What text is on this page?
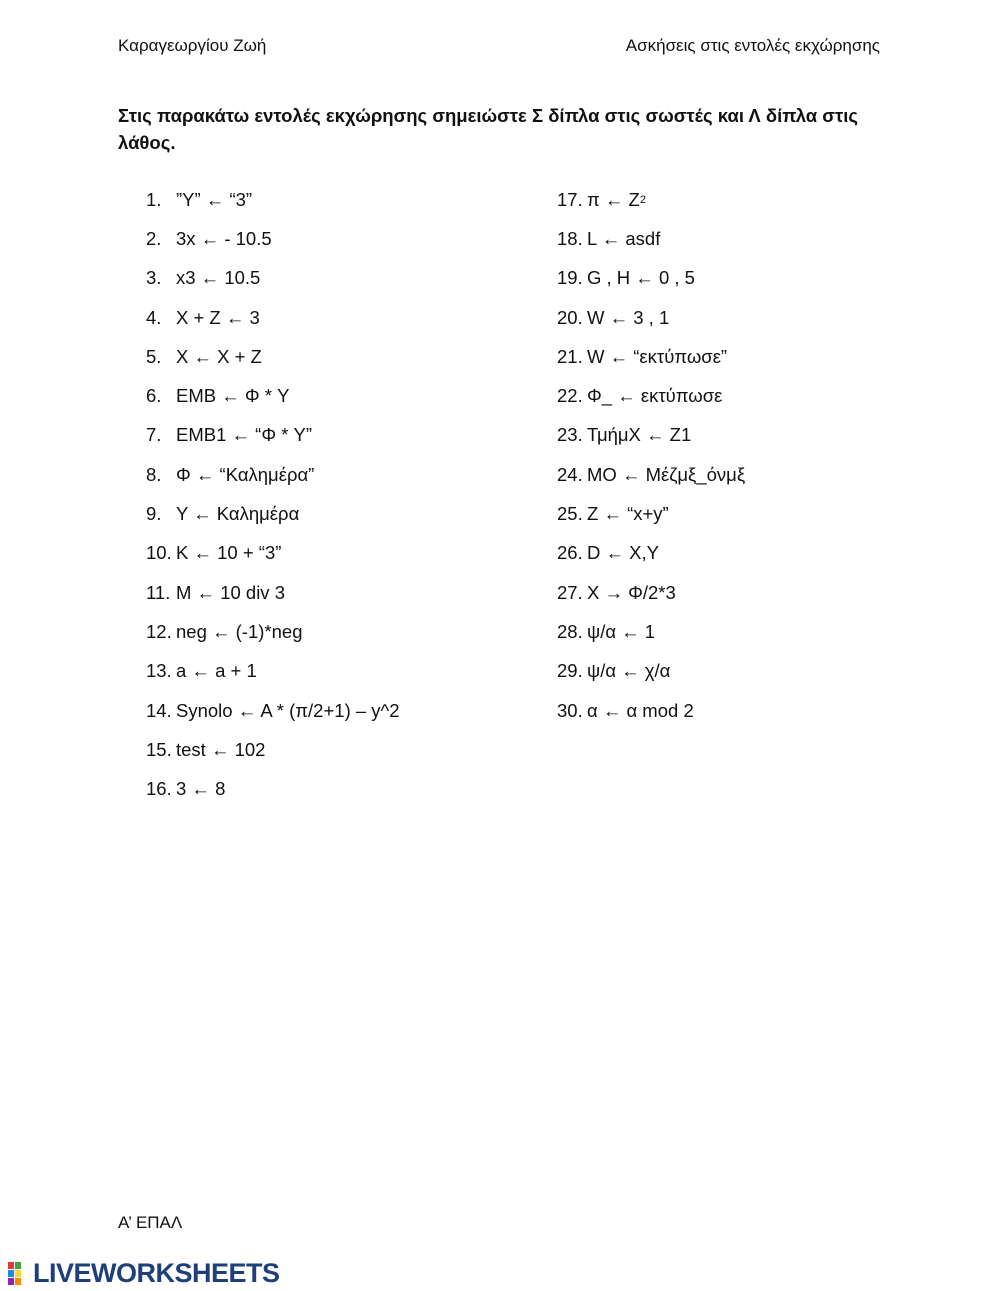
Καραγεωργίου Ζωή	Ασκήσεις στις εντολές εκχώρησης
Στις παρακάτω εντολές εκχώρησης σημειώστε Σ δίπλα στις σωστές και Λ δίπλα στις λάθος.
1. ”Y” ← “3”
2. 3x ← - 10.5
3. x3 ← 10.5
4. X + Z ← 3
5. X ← X + Z
6. EMB ← Φ * Y
7. EMB1 ← “Φ * Y”
8. Φ ← “Καλημέρα”
9. Y ← Καλημέρα
10. K ← 10 + “3”
11. M ← 10 div 3
12. neg ← (-1)*neg
13. a ← a + 1
14. Synolo ← A * (π/2+1) – y^2
15. test ← 102
16. 3 ← 8
17. π ← Z 2
18. L ← asdf
19. G , H ← 0 , 5
20. W ← 3 , 1
21. W ← “εκτύπωσε”
22. Φ_ ← εκτύπωσε
23. ΤμήμΧ ← Ζ1
24. ΜΟ ← Μέζμξ_όνμξ
25. Z ← “x+y”
26. D ← X,Y
27. X → Φ/2*3
28. ψ/α ← 1
29. ψ/α ← χ/α
30. α ← α mod 2
Α’ ΕΠΑΛ
LIVEWORKSHEETS
